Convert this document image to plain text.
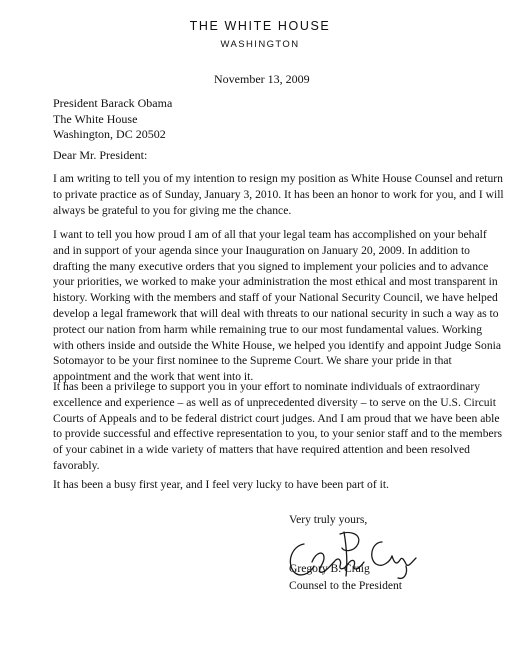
THE WHITE HOUSE
WASHINGTON
November 13, 2009
President Barack Obama
The White House
Washington, DC 20502
Dear Mr. President:

I am writing to tell you of my intention to resign my position as White House Counsel and return to private practice as of Sunday, January 3, 2010. It has been an honor to work for you, and I will always be grateful to you for giving me the chance.

I want to tell you how proud I am of all that your legal team has accomplished on your behalf and in support of your agenda since your Inauguration on January 20, 2009. In addition to drafting the many executive orders that you signed to implement your policies and to advance your priorities, we worked to make your administration the most ethical and most transparent in history. Working with the members and staff of your National Security Council, we have helped develop a legal framework that will deal with threats to our national security in such a way as to protect our nation from harm while remaining true to our most fundamental values. Working with others inside and outside the White House, we helped you identify and appoint Judge Sonia Sotomayor to be your first nominee to the Supreme Court. We share your pride in that appointment and the work that went into it.

It has been a privilege to support you in your effort to nominate individuals of extraordinary excellence and experience – as well as of unprecedented diversity – to serve on the U.S. Circuit Courts of Appeals and to be federal district court judges. And I am proud that we have been able to provide successful and effective representation to you, to your senior staff and to the members of your cabinet in a wide variety of matters that have required attention and been resolved favorably.

It has been a busy first year, and I feel very lucky to have been part of it.

Very truly yours,
Gregory B. Craig
Counsel to the President
